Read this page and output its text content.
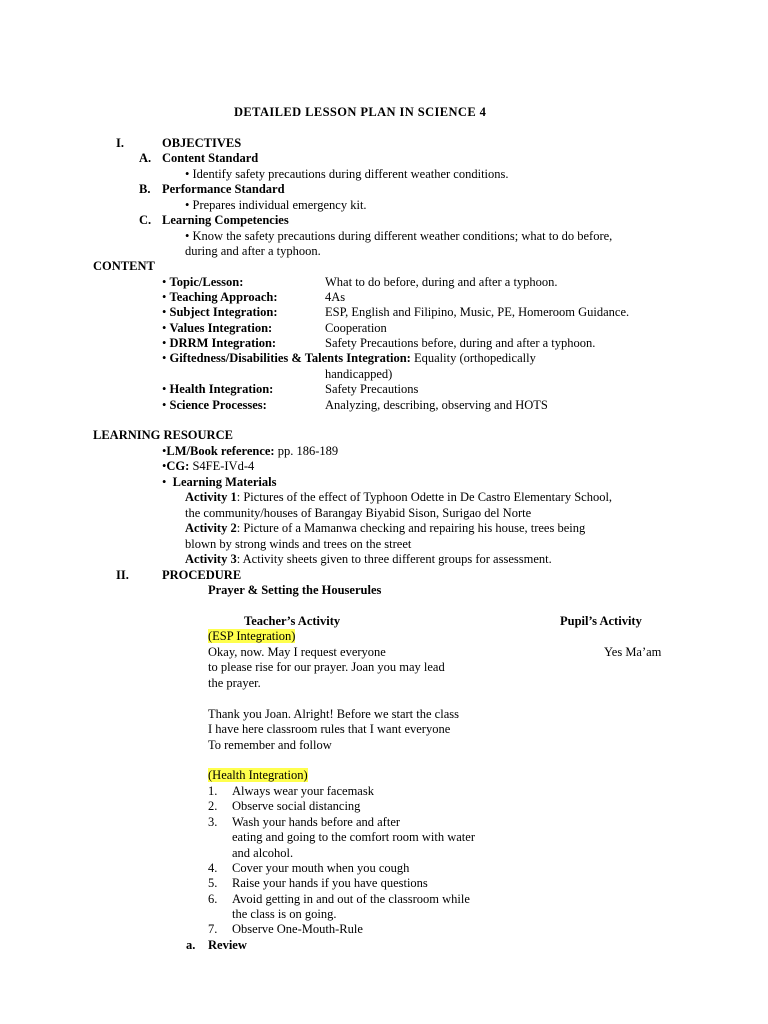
DETAILED LESSON PLAN IN SCIENCE 4
I.	OBJECTIVES
A. Content Standard
• Identify safety precautions during different weather conditions.
B. Performance Standard
• Prepares individual emergency kit.
C. Learning Competencies
• Know the safety precautions during different weather conditions; what to do before,
during and after a typhoon.
CONTENT
• Topic/Lesson:	What to do before, during and after a typhoon.
• Teaching Approach:	4As
• Subject Integration:	ESP, English and Filipino, Music, PE, Homeroom Guidance.
• Values Integration:	Cooperation
• DRRM Integration:	Safety Precautions before, during and after a typhoon.
• Giftedness/Disabilities & Talents Integration: Equality (orthopedically
handicapped)
• Health Integration:	Safety Precautions
• Science Processes:	Analyzing, describing, observing and HOTS
LEARNING RESOURCE
•LM/Book reference: pp. 186-189
•CG: S4FE-IVd-4
•  Learning Materials
Activity 1: Pictures of the effect of Typhoon Odette in De Castro Elementary School,
the community/houses of Barangay Biyabid Sison, Surigao del Norte
Activity 2: Picture of a Mamanwa checking and repairing his house, trees being
blown by strong winds and trees on the street
Activity 3: Activity sheets given to three different groups for assessment.
II.	PROCEDURE
Prayer & Setting the Houserules
Teacher’s Activity	Pupil’s Activity
(ESP Integration)
Okay, now. May I request everyone	Yes Ma’am
to please rise for our prayer. Joan you may lead
the prayer.
Thank you Joan. Alright! Before we start the class
I have here classroom rules that I want everyone
To remember and follow
(Health Integration)
1. Always wear your facemask
2. Observe social distancing
3. Wash your hands before and after
eating and going to the comfort room with water
and alcohol.
4. Cover your mouth when you cough
5. Raise your hands if you have questions
6. Avoid getting in and out of the classroom while
the class is on going.
7. Observe One-Mouth-Rule
a. Review
